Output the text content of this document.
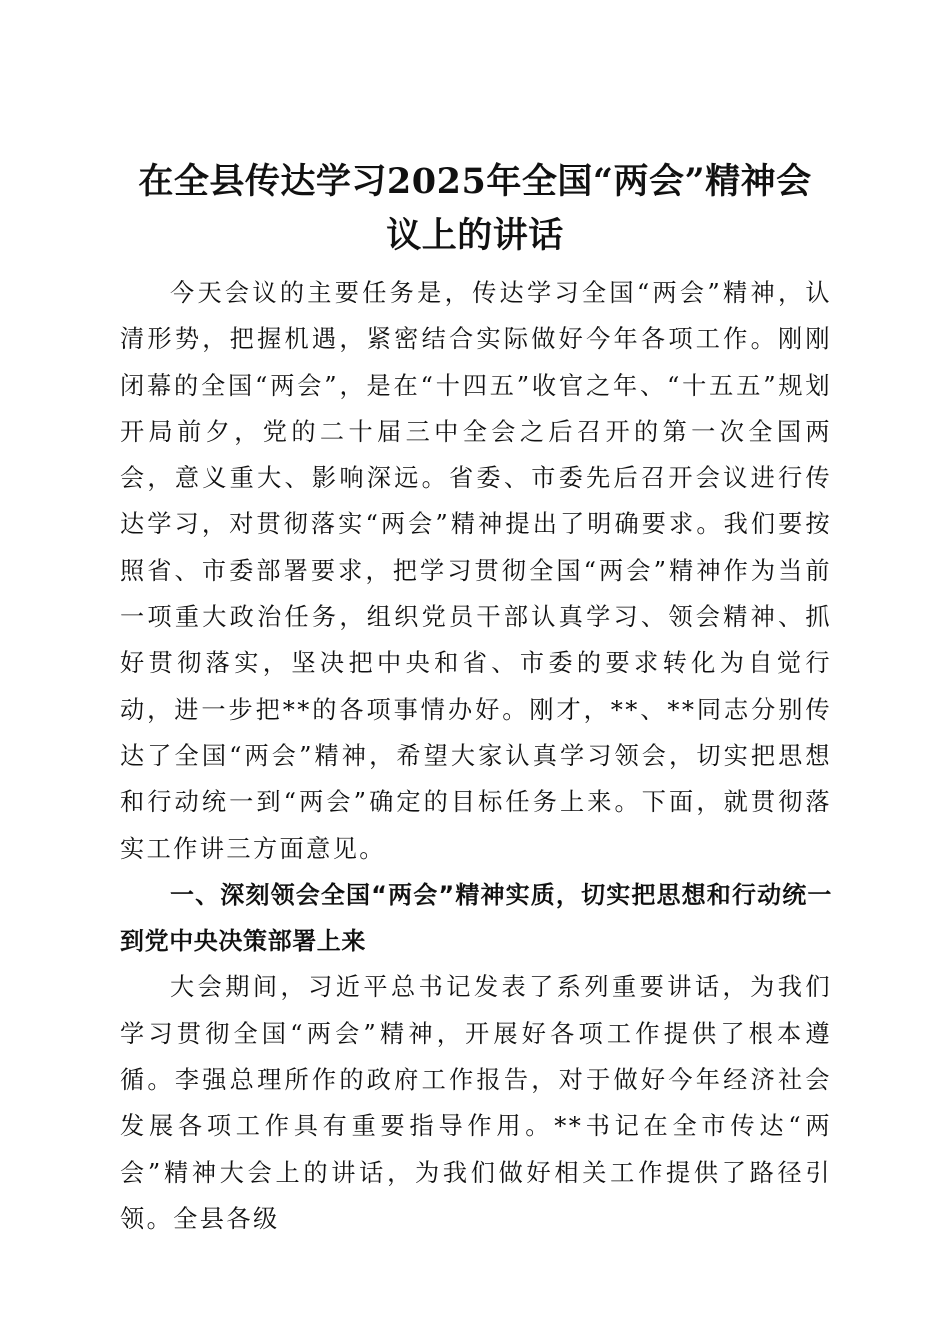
在全县传达学习2025年全国“两会”精神会
议上的讲话

今天会议的主要任务是，传达学习全国“两会”精神，认清形势，把握机遇，紧密结合实际做好今年各项工作。刚刚闭幕的全国“两会”，是在“十四五”收官之年、“十五五”规划开局前夕，党的二十届三中全会之后召开的第一次全国两会，意义重大、影响深远。省委、市委先后召开会议进行传达学习，对贯彻落实“两会”精神提出了明确要求。我们要按照省、市委部署要求，把学习贯彻全国“两会”精神作为当前一项重大政治任务，组织党员干部认真学习、领会精神、抓好贯彻落实，坚决把中央和省、市委的要求转化为自觉行动，进一步把**的各项事情办好。刚才，**、**同志分别传达了全国“两会”精神，希望大家认真学习领会，切实把思想和行动统一到“两会”确定的目标任务上来。下面，就贯彻落实工作讲三方面意见。

一、深刻领会全国“两会”精神实质，切实把思想和行动统一到党中央决策部署上来

大会期间，习近平总书记发表了系列重要讲话，为我们学习贯彻全国“两会”精神，开展好各项工作提供了根本遵循。李强总理所作的政府工作报告，对于做好今年经济社会发展各项工作具有重要指导作用。**书记在全市传达“两会”精神大会上的讲话，为我们做好相关工作提供了路径引领。全县各级
